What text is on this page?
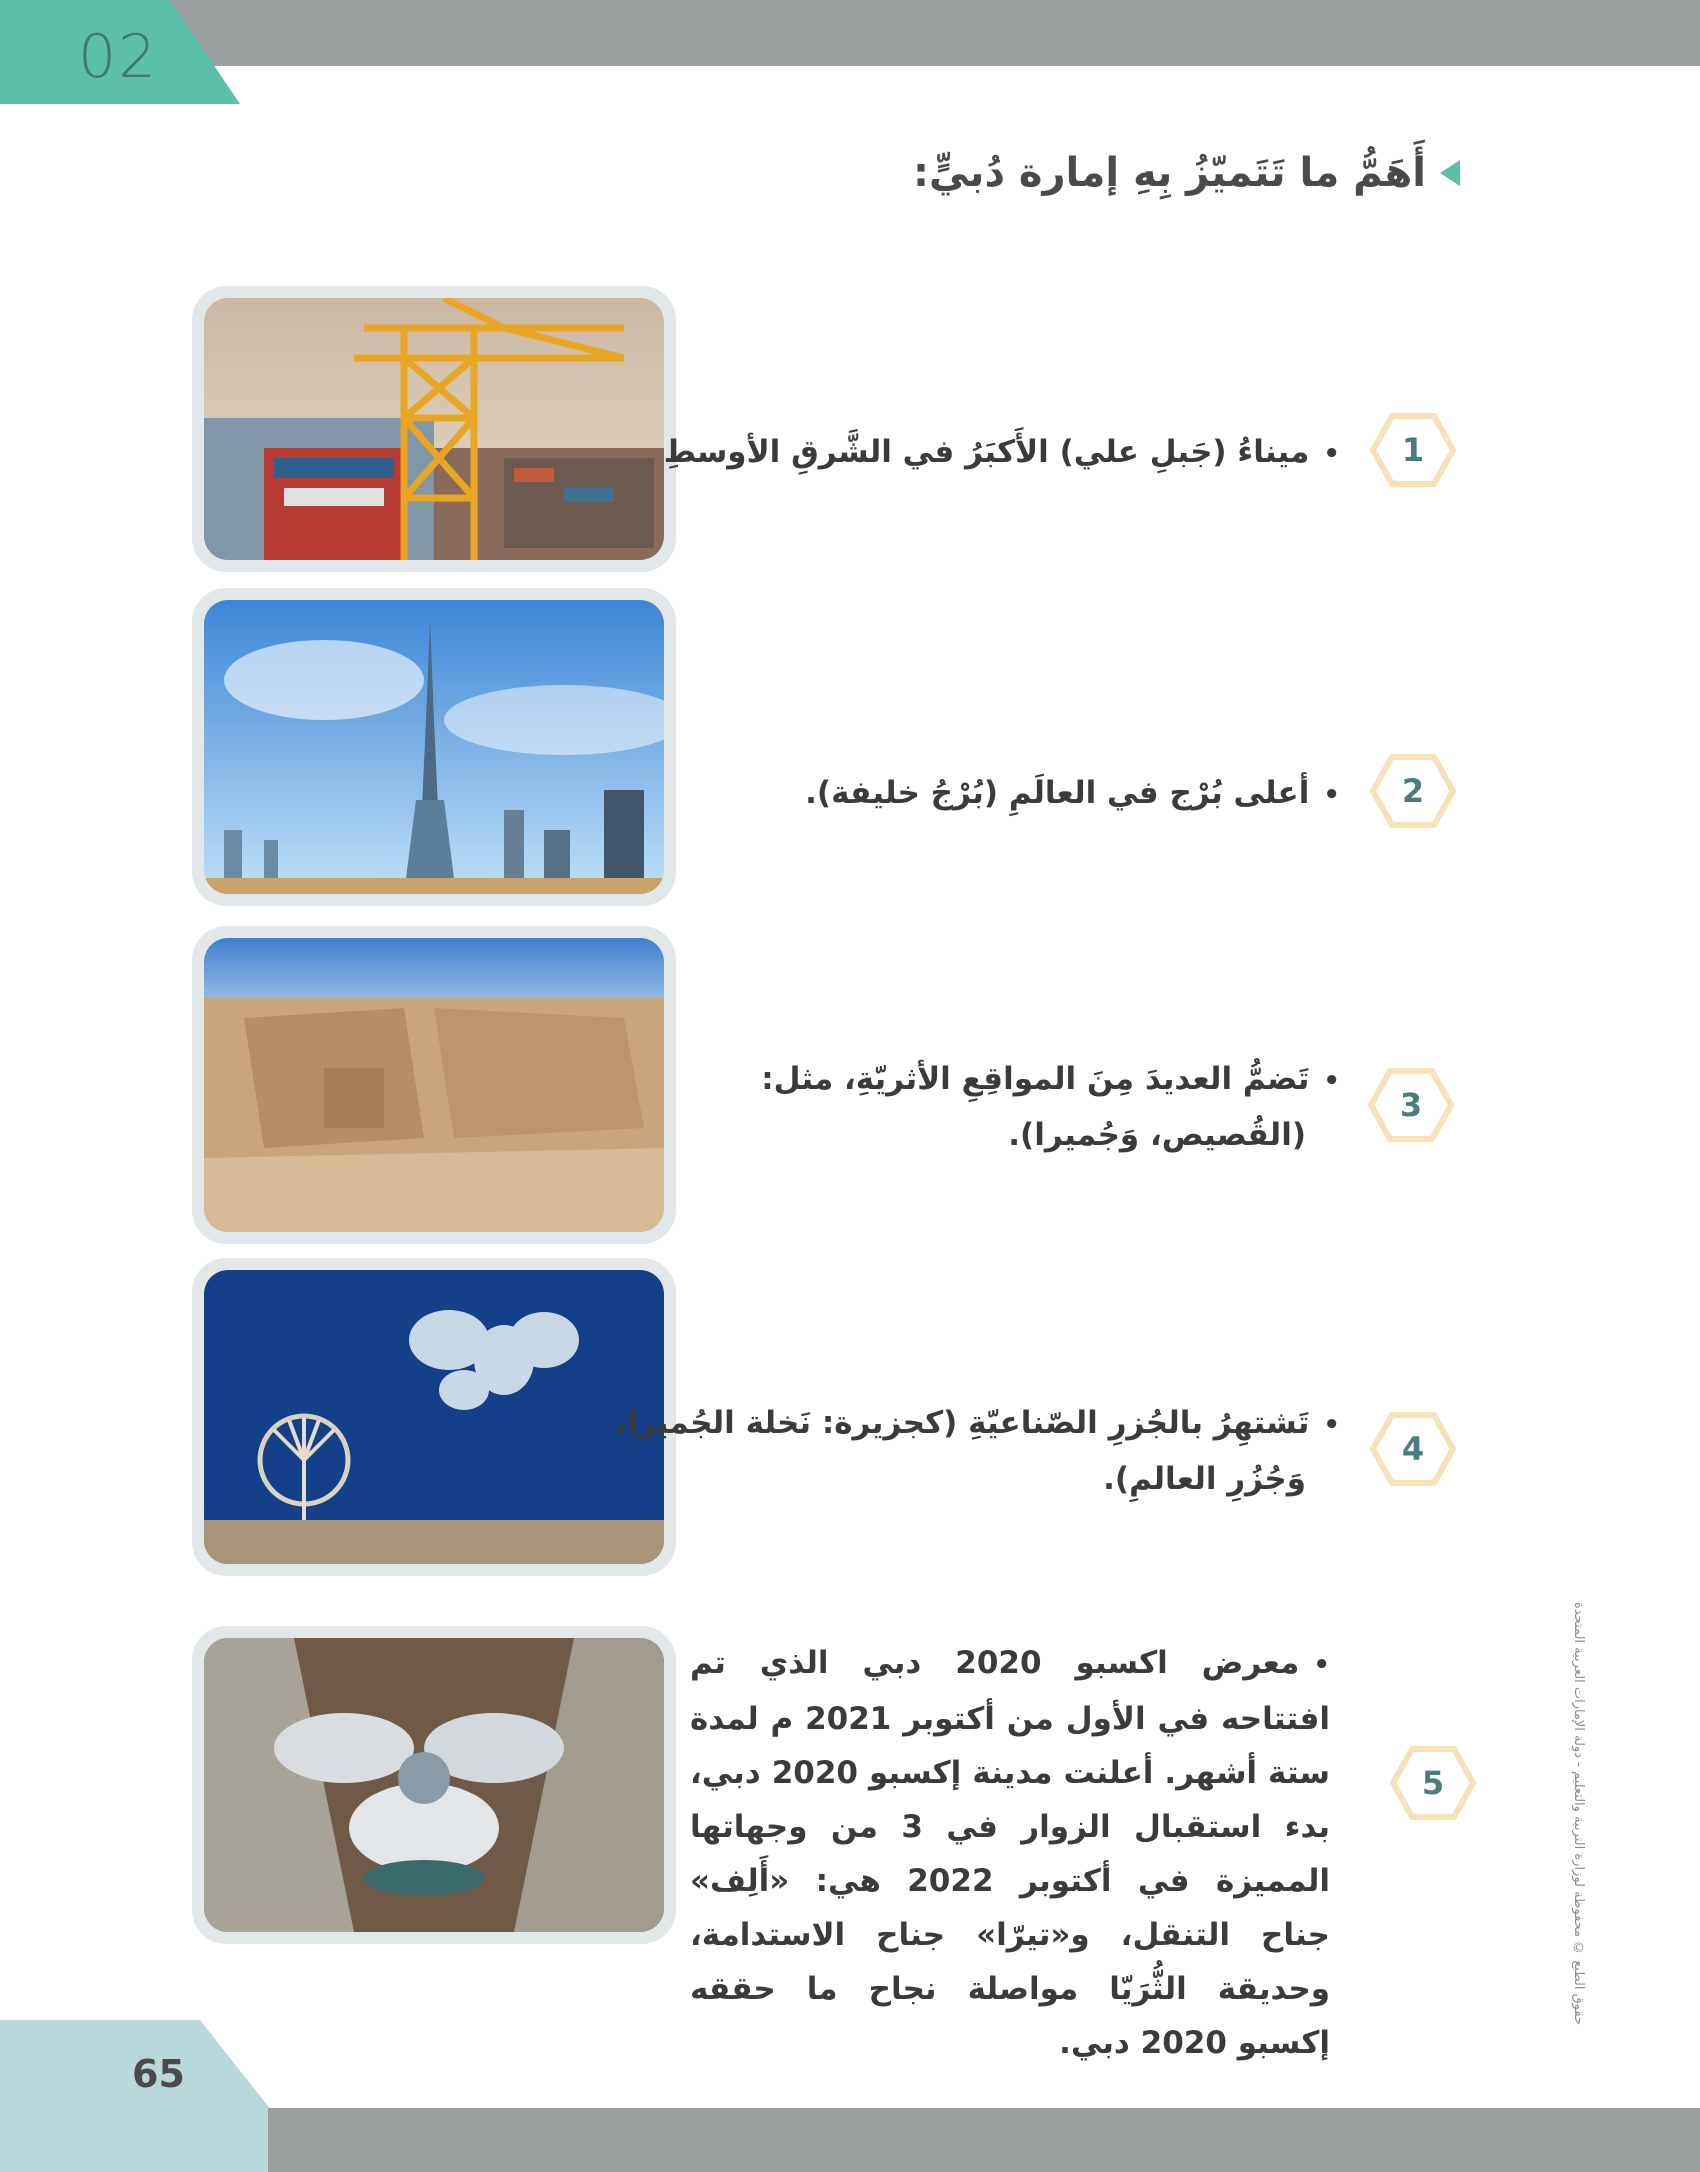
02
أَهَمُّ ما تَتَميّزُ بِهِ إمارة دُبيٍّ:
1
2
3
4
5
•ميناءُ (جَبلِ علي) الأَكبَرُ في الشَّرقِ الأوسطِ
•أعلى بُرْج في العالَمِ (بُرْجُ خليفة).
•تَضمُّ العديدَ مِنَ المواقِعِ الأثريّةِ، مثل:
(القُصيص، وَجُميرا).
•تَشتهِرُ بالجُزرِ الصّناعيّةِ (كجزيرة: نَخلة الجُميرا،
وَجُزُرِ العالمِ).
•معرض اكسبو 2020 دبي الذي تم افتتاحه في الأول من أكتوبر 2021 م لمدة ستة أشهر. أعلنت مدينة إكسبو 2020 دبي، بدء استقبال الزوار في 3 من وجهاتها المميزة في أكتوبر 2022 هي: «أَلِف» جناح التنقل، و«تيرّا» جناح الاستدامة، وحديقة الثُّرَيّا مواصلة نجاح ما حققه إكسبو 2020 دبي.
حقوق الطبع © محفوظة لوزارة التربية والتعليم - دولة الإمارات العربية المتحدة
65
